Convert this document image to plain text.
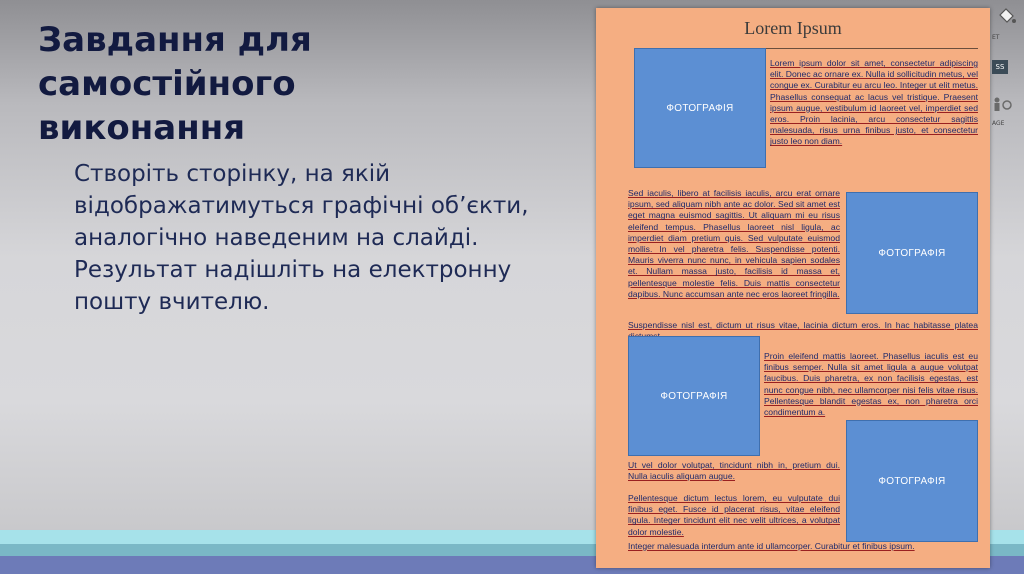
Завдання для самостійного виконання

Створіть сторінку, на якій відображатимуться графічні об’єкти, аналогічно наведеним на слайді. Результат надішліть на електронну пошту вчителю.

Lorem Ipsum
ФОТОГРАФІЯ

Lorem ipsum dolor sit amet, consectetur adipiscing elit. Donec ac ornare ex. Nulla id sollicitudin metus, vel congue ex. Curabitur eu arcu leo. Integer ut elit metus. Phasellus consequat ac lacus vel tristique. Praesent ipsum augue, vestibulum id laoreet vel, imperdiet sed eros. Proin lacinia, arcu consectetur sagittis malesuada, risus urna finibus justo, et consectetur justo leo non diam.

Sed iaculis, libero at facilisis iaculis, arcu erat ornare ipsum, sed aliquam nibh ante ac dolor. Sed sit amet est eget magna euismod sagittis. Ut aliquam mi eu risus eleifend tempus. Phasellus laoreet nisl ligula, ac imperdiet diam pretium quis. Sed vulputate euismod mollis. In vel pharetra felis. Suspendisse potenti. Mauris viverra nunc nunc, in vehicula sapien sodales et. Nullam massa justo, facilisis id massa et, pellentesque molestie felis. Duis mattis consectetur dapibus. Nunc accumsan ante nec eros laoreet fringilla.

ФОТОГРАФІЯ

Suspendisse nisl est, dictum ut risus vitae, lacinia dictum eros. In hac habitasse platea

ФОТОГРАФІЯ

Proin eleifend mattis laoreet. Phasellus iaculis est eu finibus semper. Nulla sit amet ligula a augue volutpat faucibus. Duis pharetra, ex non facilisis egestas, est nunc congue nibh, nec ullamcorper nisi felis vitae risus. Pellentesque blandit egestas ex, non pharetra orci condimentum a.

Ut vel dolor volutpat, tincidunt nibh in, pretium dui. Nulla iaculis aliquam augue.	ФОТОГРАФІЯ

Pellentesque dictum lectus lorem, eu vulputate dui finibus eget. Fusce id placerat risus, vitae eleifend ligula. Integer tincidunt elit nec velit ultrices, a volutpat dolor molestie.

Integer malesuada interdum ante id ullamcorper. Curabitur et finibus ipsum.

ET
SS
AGE
